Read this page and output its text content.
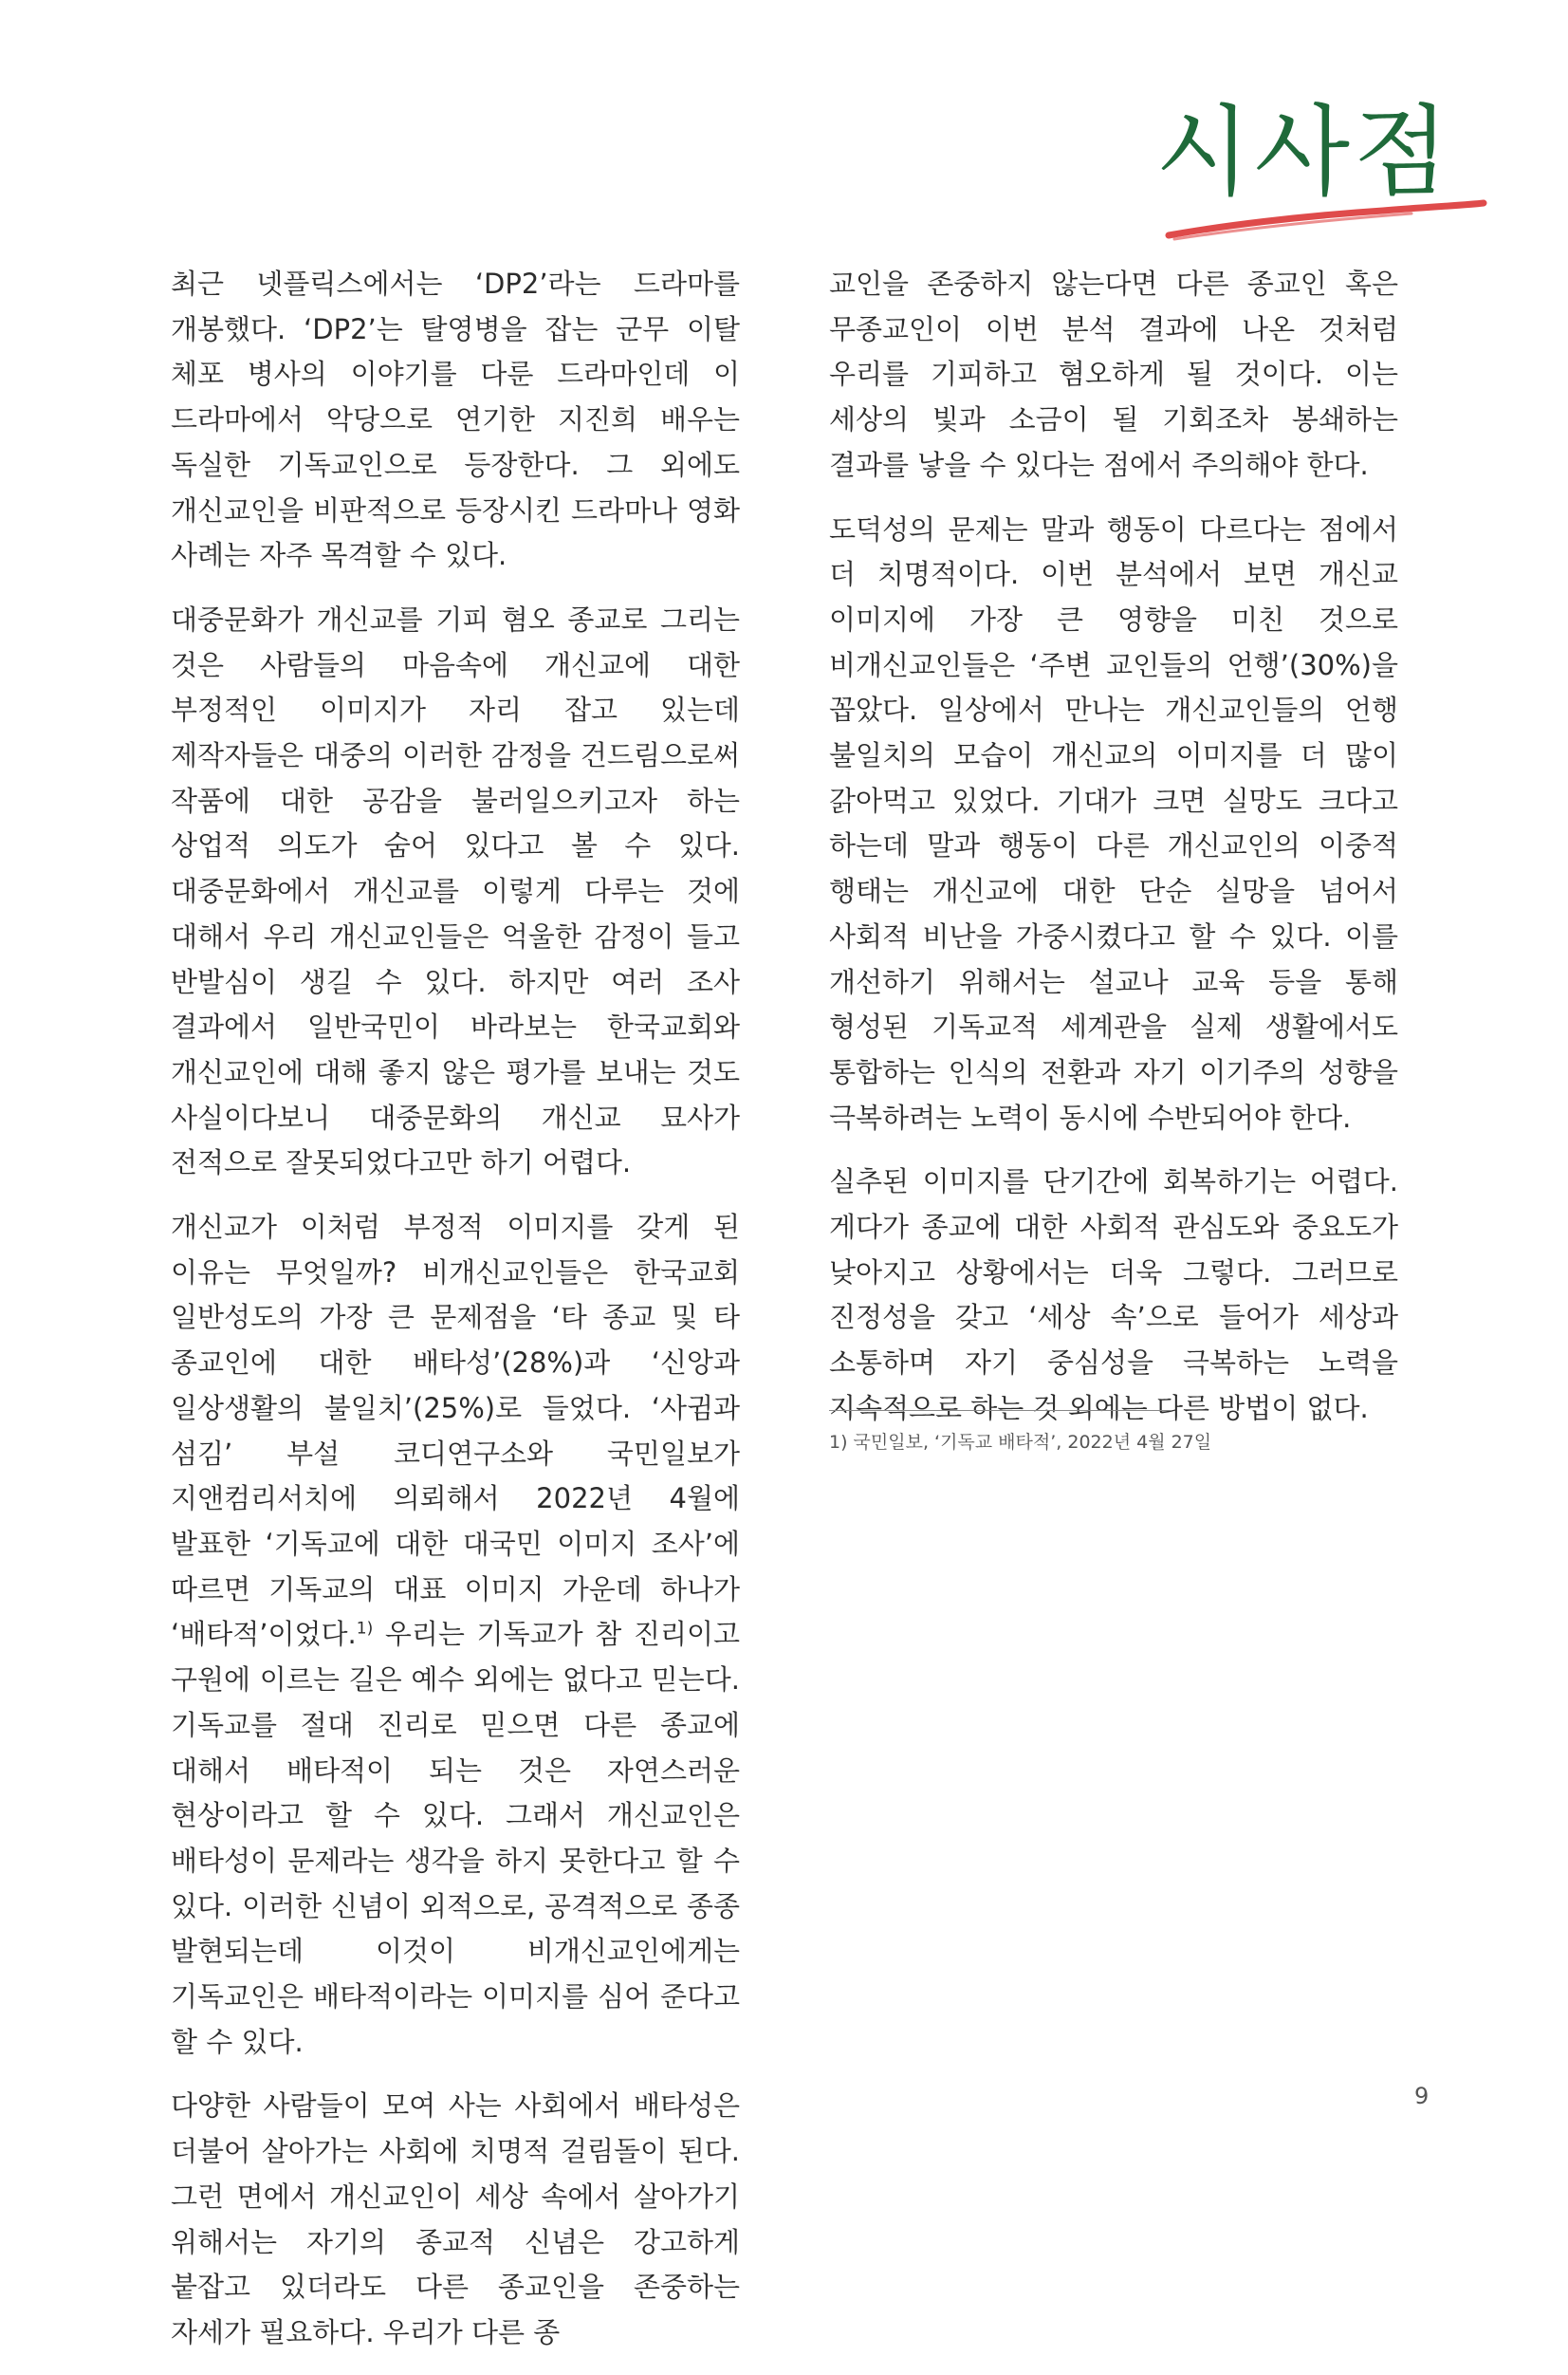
시사점

최근 넷플릭스에서는 ‘DP2’라는 드라마를 개봉했다. ‘DP2’는 탈영병을 잡는 군무 이탈 체포 병사의 이야기를 다룬 드라마인데 이 드라마에서 악당으로 연기한 지진희 배우는 독실한 기독교인으로 등장한다. 그 외에도 개신교인을 비판적으로 등장시킨 드라마나 영화 사례는 자주 목격할 수 있다.

대중문화가 개신교를 기피 혐오 종교로 그리는 것은 사람들의 마음속에 개신교에 대한 부정적인 이미지가 자리 잡고 있는데 제작자들은 대중의 이러한 감정을 건드림으로써 작품에 대한 공감을 불러일으키고자 하는 상업적 의도가 숨어 있다고 볼 수 있다. 대중문화에서 개신교를 이렇게 다루는 것에 대해서 우리 개신교인들은 억울한 감정이 들고 반발심이 생길 수 있다. 하지만 여러 조사 결과에서 일반국민이 바라보는 한국교회와 개신교인에 대해 좋지 않은 평가를 보내는 것도 사실이다보니 대중문화의 개신교 묘사가 전적으로 잘못되었다고만 하기 어렵다.

개신교가 이처럼 부정적 이미지를 갖게 된 이유는 무엇일까? 비개신교인들은 한국교회 일반성도의 가장 큰 문제점을 ‘타 종교 및 타 종교인에 대한 배타성’(28%)과 ‘신앙과 일상생활의 불일치’(25%)로 들었다. ‘사귐과 섬김’ 부설 코디연구소와 국민일보가 지앤컴리서치에 의뢰해서 2022년 4월에 발표한 ‘기독교에 대한 대국민 이미지 조사’에 따르면 기독교의 대표 이미지 가운데 하나가 ‘배타적’이었다.$^{1)}$ 우리는 기독교가 참 진리이고 구원에 이르는 길은 예수 외에는 없다고 믿는다. 기독교를 절대 진리로 믿으면 다른 종교에 대해서 배타적이 되는 것은 자연스러운 현상이라고 할 수 있다. 그래서 개신교인은 배타성이 문제라는 생각을 하지 못한다고 할 수 있다. 이러한 신념이 외적으로, 공격적으로 종종 발현되는데 이것이 비개신교인에게는 기독교인은 배타적이라는 이미지를 심어 준다고 할 수 있다.

다양한 사람들이 모여 사는 사회에서 배타성은 더불어 살아가는 사회에 치명적 걸림돌이 된다. 그런 면에서 개신교인이 세상 속에서 살아가기 위해서는 자기의 종교적 신념은 강고하게 붙잡고 있더라도 다른 종교인을 존중하는 자세가 필요하다. 우리가 다른 종

교인을 존중하지 않는다면 다른 종교인 혹은 무종교인이 이번 분석 결과에 나온 것처럼 우리를 기피하고 혐오하게 될 것이다. 이는 세상의 빛과 소금이 될 기회조차 봉쇄하는 결과를 낳을 수 있다는 점에서 주의해야 한다.

도덕성의 문제는 말과 행동이 다르다는 점에서 더 치명적이다. 이번 분석에서 보면 개신교 이미지에 가장 큰 영향을 미친 것으로 비개신교인들은 ‘주변 교인들의 언행’(30%)을 꼽았다. 일상에서 만나는 개신교인들의 언행 불일치의 모습이 개신교의 이미지를 더 많이 갉아먹고 있었다. 기대가 크면 실망도 크다고 하는데 말과 행동이 다른 개신교인의 이중적 행태는 개신교에 대한 단순 실망을 넘어서 사회적 비난을 가중시켰다고 할 수 있다. 이를 개선하기 위해서는 설교나 교육 등을 통해 형성된 기독교적 세계관을 실제 생활에서도 통합하는 인식의 전환과 자기 이기주의 성향을 극복하려는 노력이 동시에 수반되어야 한다.

실추된 이미지를 단기간에 회복하기는 어렵다. 게다가 종교에 대한 사회적 관심도와 중요도가 낮아지고 상황에서는 더욱 그렇다. 그러므로 진정성을 갖고 ‘세상 속’으로 들어가 세상과 소통하며 자기 중심성을 극복하는 노력을 지속적으로 하는 것 외에는 다른 방법이 없다.

1) 국민일보, ‘기독교 배타적’, 2022년 4월 27일
9
